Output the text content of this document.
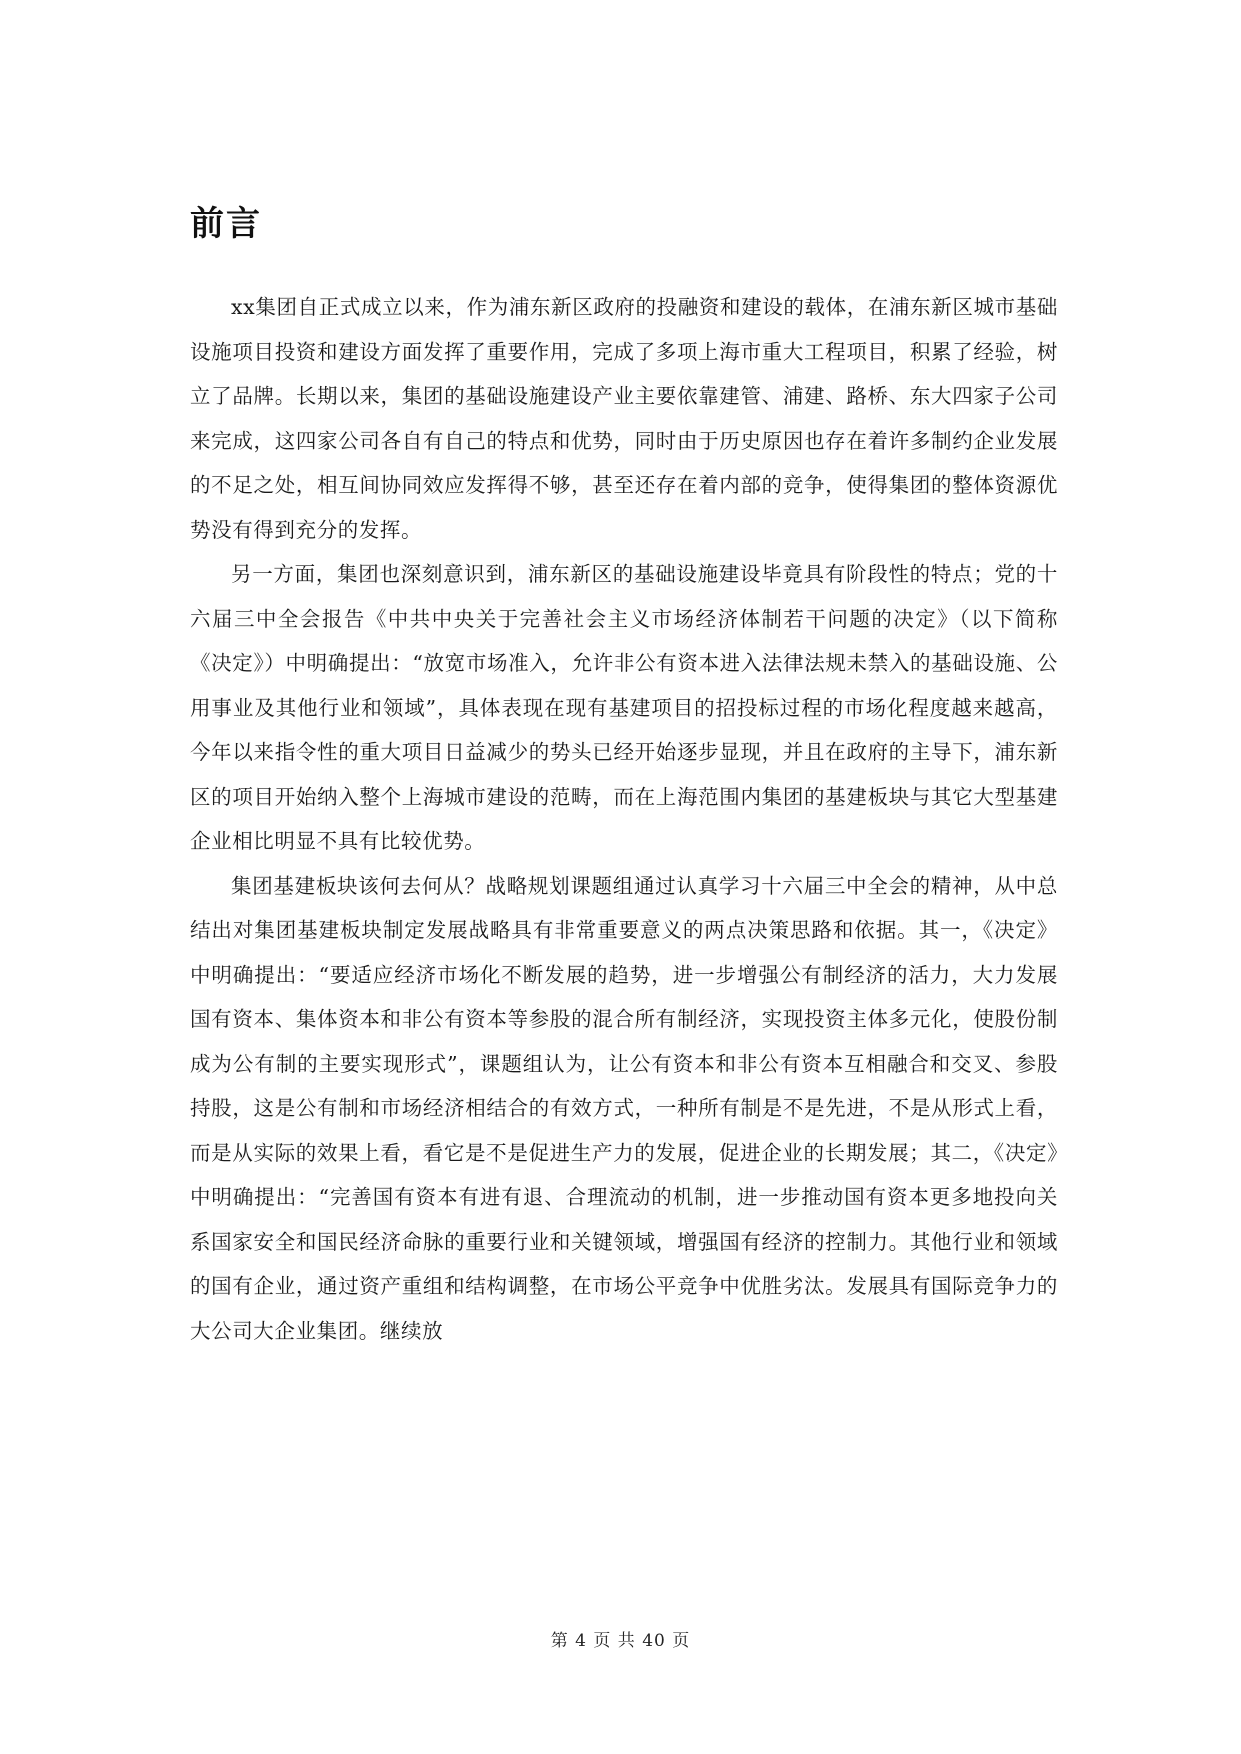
前言

xx集团自正式成立以来，作为浦东新区政府的投融资和建设的载体，在浦东新区城市基础设施项目投资和建设方面发挥了重要作用，完成了多项上海市重大工程项目，积累了经验，树立了品牌。长期以来，集团的基础设施建设产业主要依靠建管、浦建、路桥、东大四家子公司来完成，这四家公司各自有自己的特点和优势，同时由于历史原因也存在着许多制约企业发展的不足之处，相互间协同效应发挥得不够，甚至还存在着内部的竞争，使得集团的整体资源优势没有得到充分的发挥。

另一方面，集团也深刻意识到，浦东新区的基础设施建设毕竟具有阶段性的特点；党的十六届三中全会报告《中共中央关于完善社会主义市场经济体制若干问题的决定》（以下简称《决定》）中明确提出：“放宽市场准入，允许非公有资本进入法律法规未禁入的基础设施、公用事业及其他行业和领域”，具体表现在现有基建项目的招投标过程的市场化程度越来越高，今年以来指令性的重大项目日益减少的势头已经开始逐步显现，并且在政府的主导下，浦东新区的项目开始纳入整个上海城市建设的范畴，而在上海范围内集团的基建板块与其它大型基建企业相比明显不具有比较优势。

集团基建板块该何去何从？战略规划课题组通过认真学习十六届三中全会的精神，从中总结出对集团基建板块制定发展战略具有非常重要意义的两点决策思路和依据。其一，《决定》中明确提出：“要适应经济市场化不断发展的趋势，进一步增强公有制经济的活力，大力发展国有资本、集体资本和非公有资本等参股的混合所有制经济，实现投资主体多元化，使股份制成为公有制的主要实现形式”，课题组认为，让公有资本和非公有资本互相融合和交叉、参股持股，这是公有制和市场经济相结合的有效方式，一种所有制是不是先进，不是从形式上看，而是从实际的效果上看，看它是不是促进生产力的发展，促进企业的长期发展；其二，《决定》中明确提出：“完善国有资本有进有退、合理流动的机制，进一步推动国有资本更多地投向关系国家安全和国民经济命脉的重要行业和关键领域，增强国有经济的控制力。其他行业和领域的国有企业，通过资产重组和结构调整，在市场公平竞争中优胜劣汰。发展具有国际竞争力的大公司大企业集团。继续放

第 4 页 共 40 页
